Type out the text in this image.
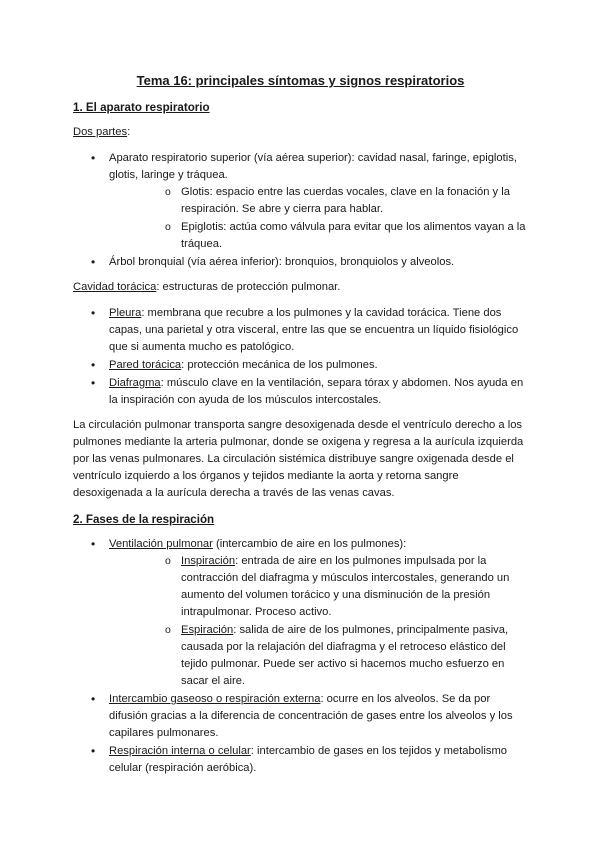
Tema 16: principales síntomas y signos respiratorios
1. El aparato respiratorio

Dos partes:

• Aparato respiratorio superior (vía aérea superior): cavidad nasal, faringe, epiglotis, glotis, laringe y tráquea.
o Glotis: espacio entre las cuerdas vocales, clave en la fonación y la respiración. Se abre y cierra para hablar.
o Epiglotis: actúa como válvula para evitar que los alimentos vayan a la tráquea.
• Árbol bronquial (vía aérea inferior): bronquios, bronquiolos y alveolos.

Cavidad torácica: estructuras de protección pulmonar.

• Pleura: membrana que recubre a los pulmones y la cavidad torácica. Tiene dos capas, una parietal y otra visceral, entre las que se encuentra un líquido fisiológico que si aumenta mucho es patológico.
• Pared torácica: protección mecánica de los pulmones.
• Diafragma: músculo clave en la ventilación, separa tórax y abdomen. Nos ayuda en la inspiración con ayuda de los músculos intercostales.

La circulación pulmonar transporta sangre desoxigenada desde el ventrículo derecho a los pulmones mediante la arteria pulmonar, donde se oxigena y regresa a la aurícula izquierda por las venas pulmonares. La circulación sistémica distribuye sangre oxigenada desde el ventrículo izquierdo a los órganos y tejidos mediante la aorta y retorna sangre desoxigenada a la aurícula derecha a través de las venas cavas.

2. Fases de la respiración
• Ventilación pulmonar (intercambio de aire en los pulmones):
o Inspiración: entrada de aire en los pulmones impulsada por la contracción del diafragma y músculos intercostales, generando un aumento del volumen torácico y una disminución de la presión intrapulmonar. Proceso activo.
o Espiración: salida de aire de los pulmones, principalmente pasiva, causada por la relajación del diafragma y el retroceso elástico del tejido pulmonar. Puede ser activo si hacemos mucho esfuerzo en sacar el aire.
• Intercambio gaseoso o respiración externa: ocurre en los alveolos. Se da por difusión gracias a la diferencia de concentración de gases entre los alveolos y los capilares pulmonares.
• Respiración interna o celular: intercambio de gases en los tejidos y metabolismo celular (respiración aeróbica).
